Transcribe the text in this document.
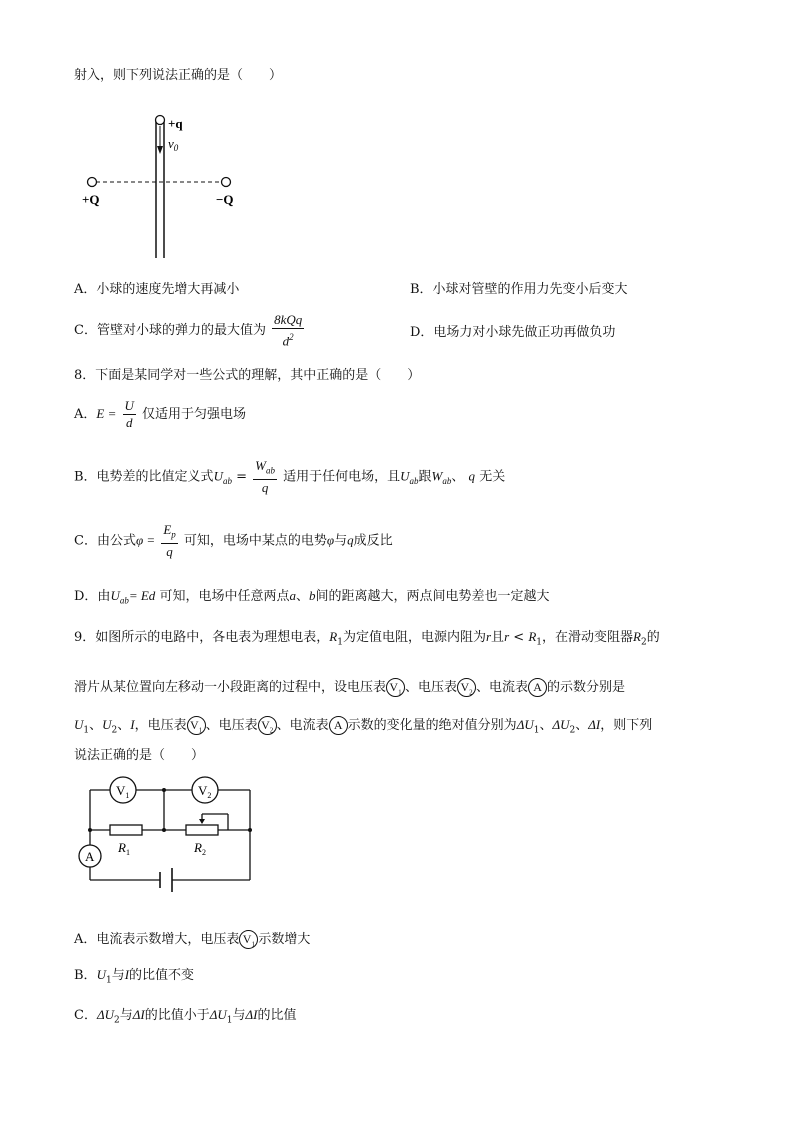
射入，则下列说法正确的是（　　）
+q
$v_0$
+Q	−Q
A．小球的速度先增大再减小	B．小球对管壁的作用力先变小后变大
C．管壁对小球的弹力的最大值为 $\frac{\text{8kQq}}{d^2}$	D．电场力对小球先做正功再做负功
8．下面是某同学对一些公式的理解，其中正确的是（　　）
A．$E = \frac{U}{d}$ 仅适用于匀强电场
B．电势差的比值定义式$U_{ab} = \frac{W_{ab}}{q}$ 适用于任何电场，且$U_{ab}$跟$W_{ab}$、 q 无关
C．由公式$\varphi = \frac{E_p}{q}$ 可知，电场中某点的电势φ与q成反比
D．由$U_{ab}= Ed$ 可知，电场中任意两点a、b间的距离越大，两点间电势差也一定越大
9．如图所示的电路中，各电表为理想电表，$R_1$为定值电阻，电源内阻为r且$r < R_1$，在滑动变阻器$R_2$的
滑片从某位置向左移动一小段距离的过程中，设电压表 $V_1$ 、电压表 $V_2$ 、电流表 A 的示数分别是
$U_1$、$U_2$、I，电压表 $V_1$ 、电压表 $V_2$ 、电流表 A 示数的变化量的绝对值分别为$\Delta U_1$、$\Delta U_2$、ΔI，则下列
说法正确的是（　　）
$V_1$	$V_2$
A
$R_1$	$R_2$
A．电流表示数增大，电压表 $V_1$ 示数增大
B．$U_1$与I的比值不变
C．$\Delta U_2$与ΔI的比值小于$\Delta U_1$与ΔI的比值
